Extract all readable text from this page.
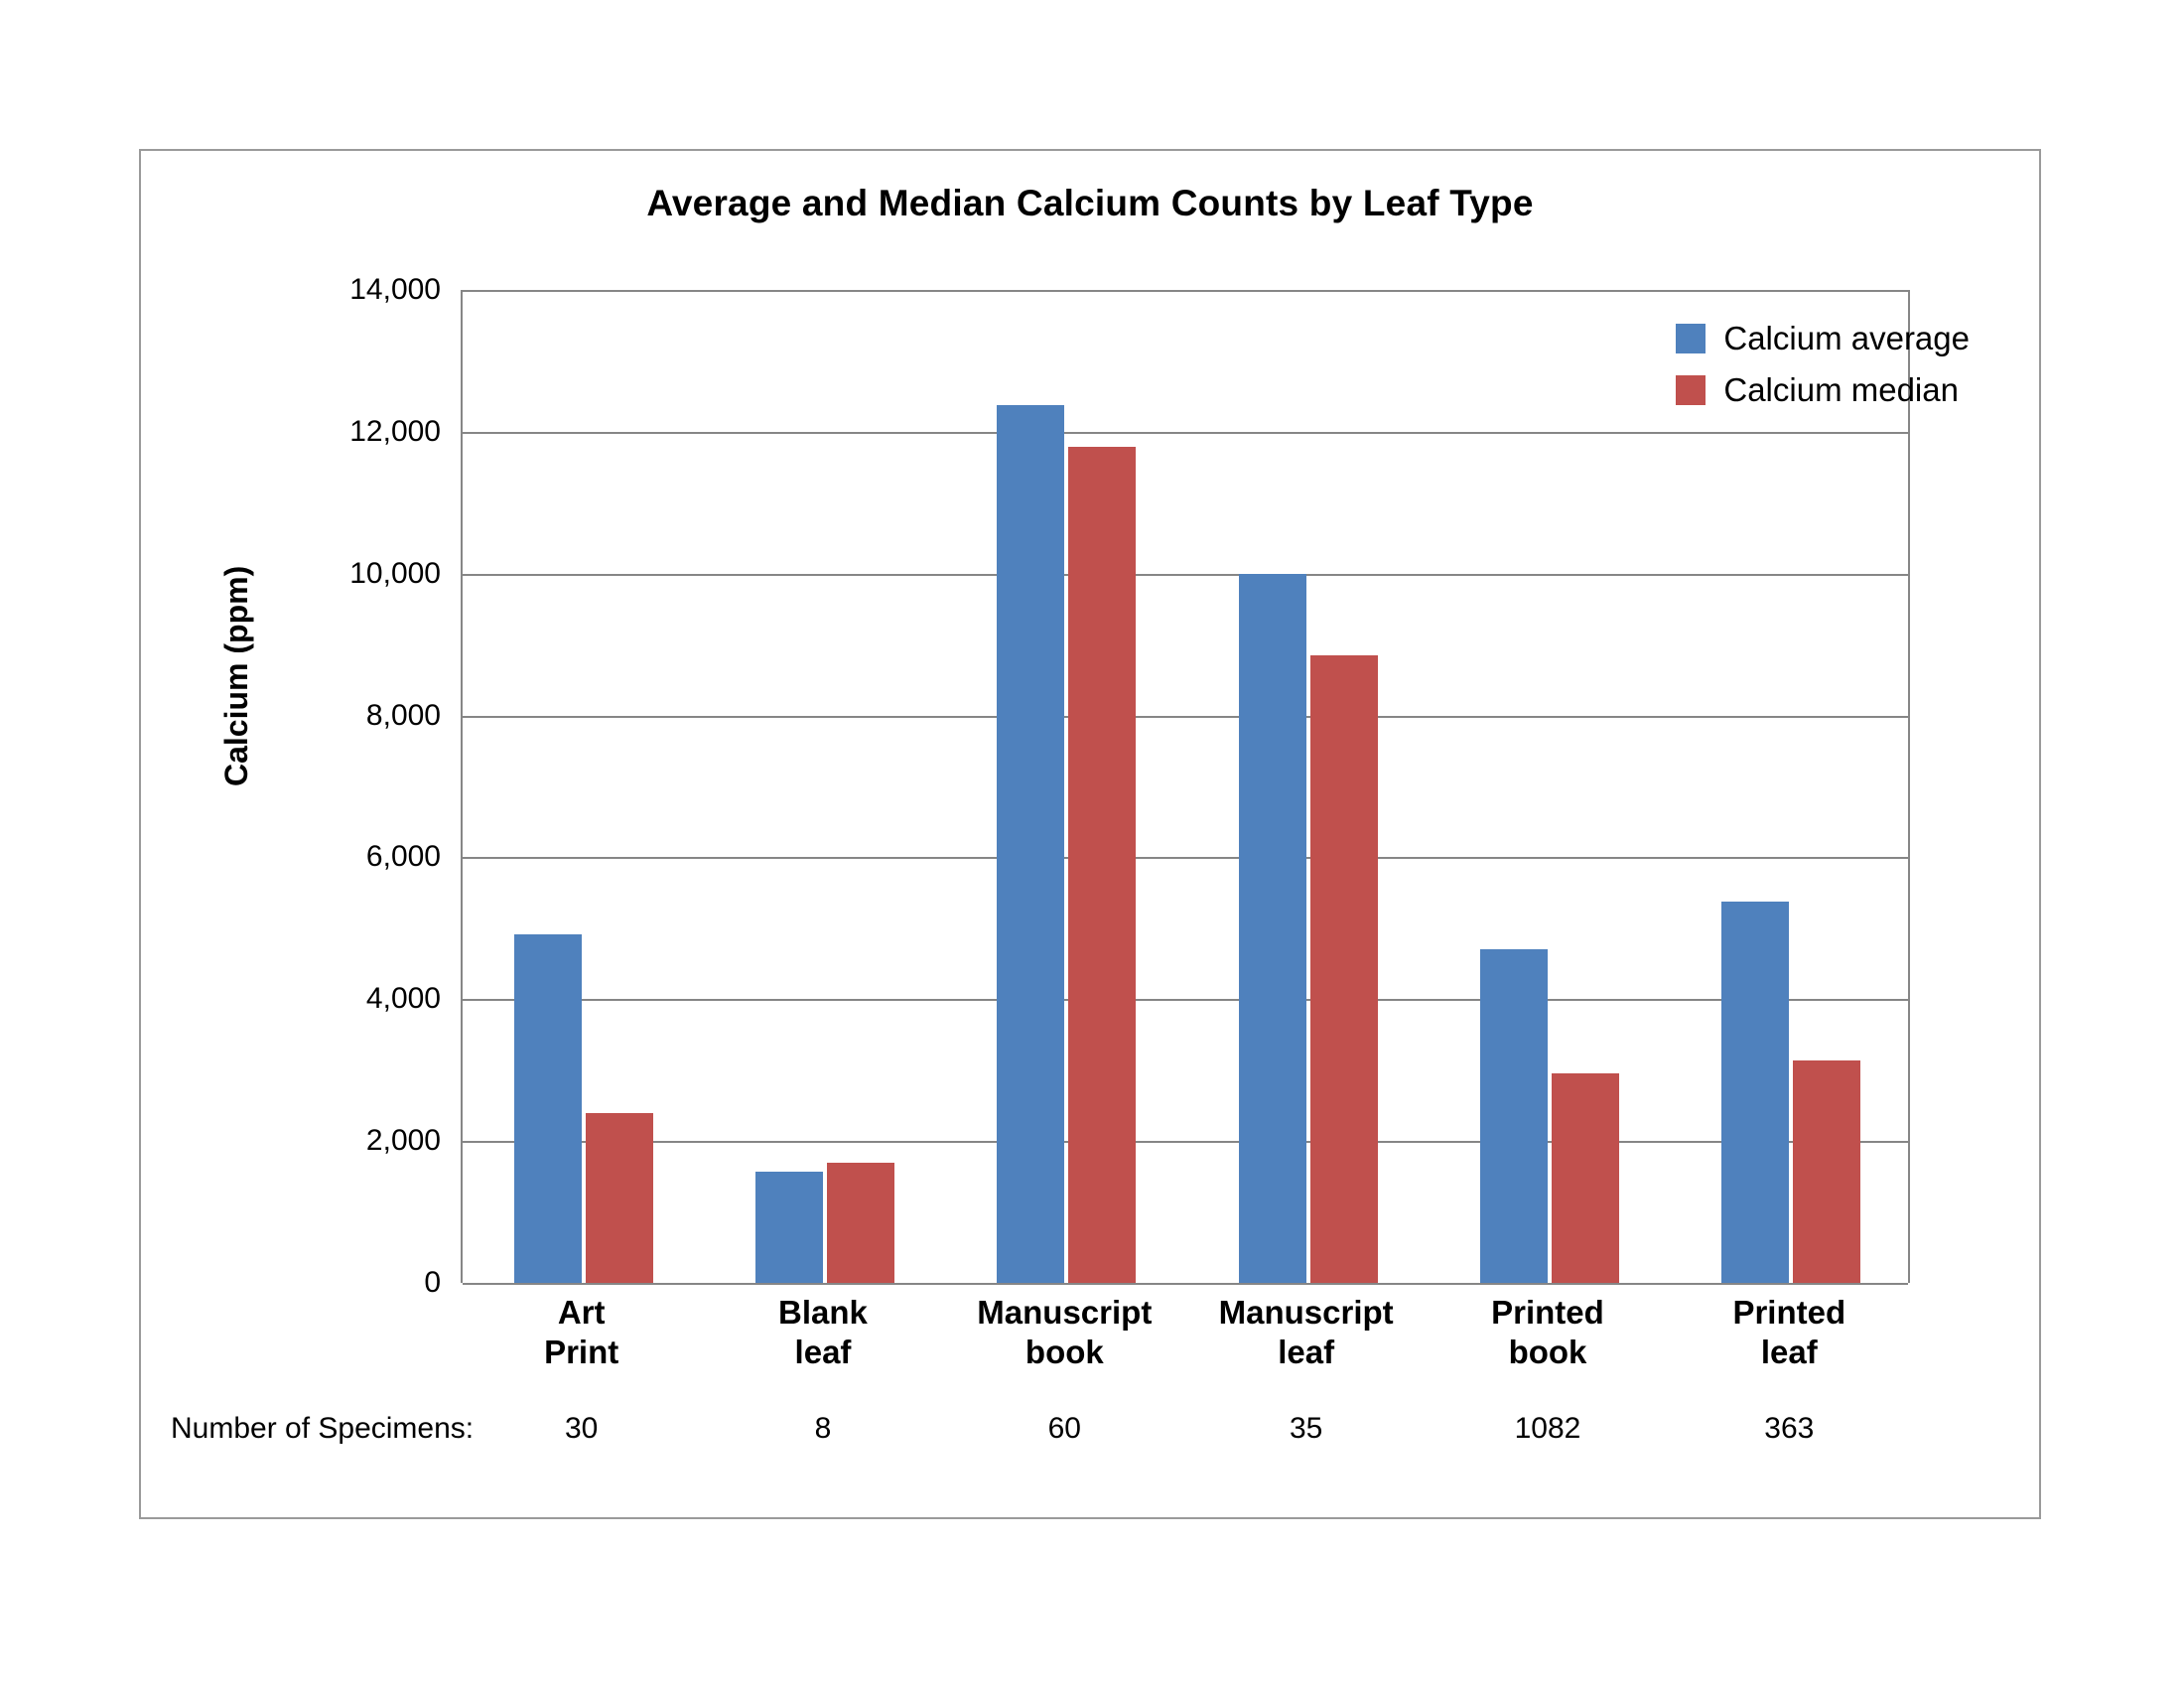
Average and Median Calcium Counts by Leaf Type
Calcium (ppm)
0
2,000
4,000
6,000
8,000
10,000
12,000
14,000
Calcium average
Calcium median
Art
Print
Blank
leaf
Manuscript
book
Manuscript
leaf
Printed
book
Printed
leaf
Number of Specimens:	30	8	60	35	1082	363
